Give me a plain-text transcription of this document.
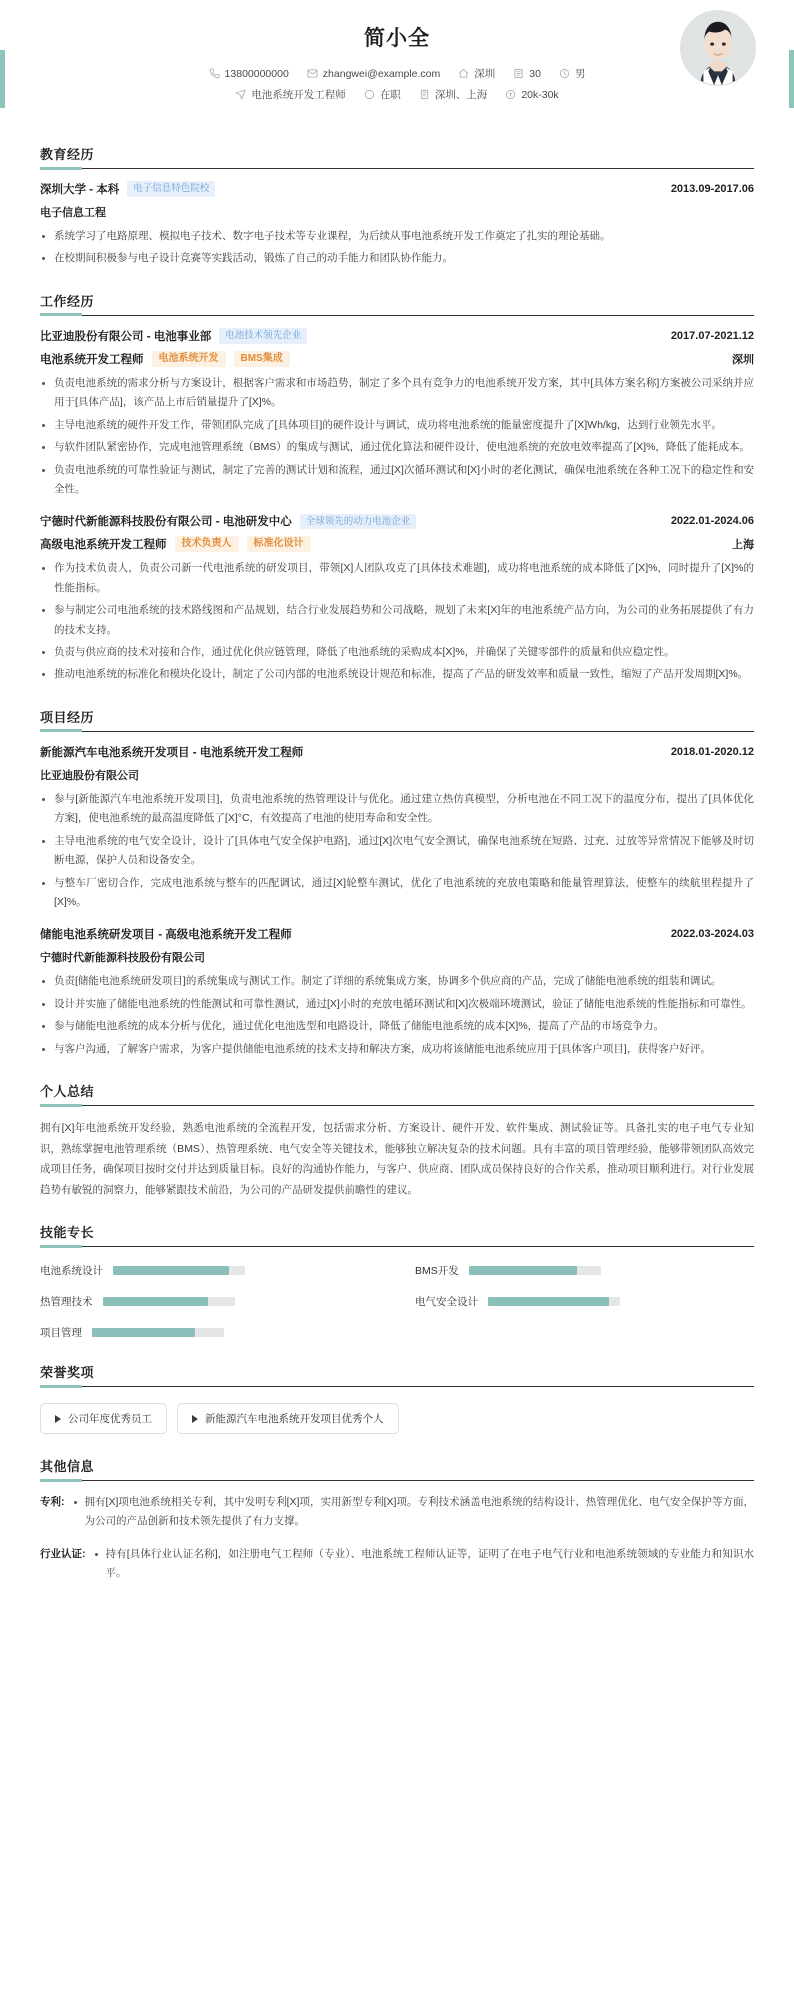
简小全
13800000000	zhangwei@example.com	深圳	30	男
电池系统开发工程师	在职	深圳、上海	20k-30k
教育经历
深圳大学 - 本科	电子信息特色院校	2013.09-2017.06
电子信息工程
系统学习了电路原理、模拟电子技术、数字电子技术等专业课程，为后续从事电池系统开发工作奠定了扎实的理论基础。
在校期间积极参与电子设计竞赛等实践活动，锻炼了自己的动手能力和团队协作能力。
工作经历
比亚迪股份有限公司 - 电池事业部	电池技术领先企业	2017.07-2021.12
电池系统开发工程师	电池系统开发	BMS集成	深圳
负责电池系统的需求分析与方案设计，根据客户需求和市场趋势，制定了多个具有竞争力的电池系统开发方案，其中[具体方案名称]方案被公司采纳并应用于[具体产品]，该产品上市后销量提升了[X]%。
主导电池系统的硬件开发工作，带领团队完成了[具体项目]的硬件设计与调试，成功将电池系统的能量密度提升了[X]Wh/kg，达到行业领先水平。
与软件团队紧密协作，完成电池管理系统（BMS）的集成与测试，通过优化算法和硬件设计，使电池系统的充放电效率提高了[X]%，降低了能耗成本。
负责电池系统的可靠性验证与测试，制定了完善的测试计划和流程，通过[X]次循环测试和[X]小时的老化测试，确保电池系统在各种工况下的稳定性和安全性。
宁德时代新能源科技股份有限公司 - 电池研发中心	全球领先的动力电池企业	2022.01-2024.06
高级电池系统开发工程师	技术负责人	标准化设计	上海
作为技术负责人，负责公司新一代电池系统的研发项目，带领[X]人团队攻克了[具体技术难题]，成功将电池系统的成本降低了[X]%，同时提升了[X]%的性能指标。
参与制定公司电池系统的技术路线图和产品规划，结合行业发展趋势和公司战略，规划了未来[X]年的电池系统产品方向，为公司的业务拓展提供了有力的技术支持。
负责与供应商的技术对接和合作，通过优化供应链管理，降低了电池系统的采购成本[X]%，并确保了关键零部件的质量和供应稳定性。
推动电池系统的标准化和模块化设计，制定了公司内部的电池系统设计规范和标准，提高了产品的研发效率和质量一致性，缩短了产品开发周期[X]%。
项目经历
新能源汽车电池系统开发项目 - 电池系统开发工程师	2018.01-2020.12
比亚迪股份有限公司
参与[新能源汽车电池系统开发项目]，负责电池系统的热管理设计与优化。通过建立热仿真模型，分析电池在不同工况下的温度分布，提出了[具体优化方案]，使电池系统的最高温度降低了[X]°C，有效提高了电池的使用寿命和安全性。
主导电池系统的电气安全设计，设计了[具体电气安全保护电路]，通过[X]次电气安全测试，确保电池系统在短路、过充、过放等异常情况下能够及时切断电源，保护人员和设备安全。
与整车厂密切合作，完成电池系统与整车的匹配调试，通过[X]轮整车测试，优化了电池系统的充放电策略和能量管理算法，使整车的续航里程提升了[X]%。
储能电池系统研发项目 - 高级电池系统开发工程师	2022.03-2024.03
宁德时代新能源科技股份有限公司
负责[储能电池系统研发项目]的系统集成与测试工作。制定了详细的系统集成方案，协调多个供应商的产品，完成了储能电池系统的组装和调试。
设计并实施了储能电池系统的性能测试和可靠性测试，通过[X]小时的充放电循环测试和[X]次极端环境测试，验证了储能电池系统的性能指标和可靠性。
参与储能电池系统的成本分析与优化，通过优化电池选型和电路设计，降低了储能电池系统的成本[X]%，提高了产品的市场竞争力。
与客户沟通，了解客户需求，为客户提供储能电池系统的技术支持和解决方案，成功将该储能电池系统应用于[具体客户项目]，获得客户好评。
个人总结
拥有[X]年电池系统开发经验，熟悉电池系统的全流程开发，包括需求分析、方案设计、硬件开发、软件集成、测试验证等。具备扎实的电子电气专业知识，熟练掌握电池管理系统（BMS）、热管理系统、电气安全等关键技术，能够独立解决复杂的技术问题。具有丰富的项目管理经验，能够带领团队高效完成项目任务，确保项目按时交付并达到质量目标。良好的沟通协作能力，与客户、供应商、团队成员保持良好的合作关系，推动项目顺利进行。对行业发展趋势有敏锐的洞察力，能够紧跟技术前沿，为公司的产品研发提供前瞻性的建议。
技能专长
电池系统设计	BMS开发
热管理技术	电气安全设计
项目管理
荣誉奖项
公司年度优秀员工	新能源汽车电池系统开发项目优秀个人
其他信息
专利:	拥有[X]项电池系统相关专利，其中发明专利[X]项，实用新型专利[X]项。专利技术涵盖电池系统的结构设计、热管理优化、电气安全保护等方面，为公司的产品创新和技术领先提供了有力支撑。
行业认证:	持有[具体行业认证名称]，如注册电气工程师（专业）、电池系统工程师认证等，证明了在电子电气行业和电池系统领域的专业能力和知识水平。
